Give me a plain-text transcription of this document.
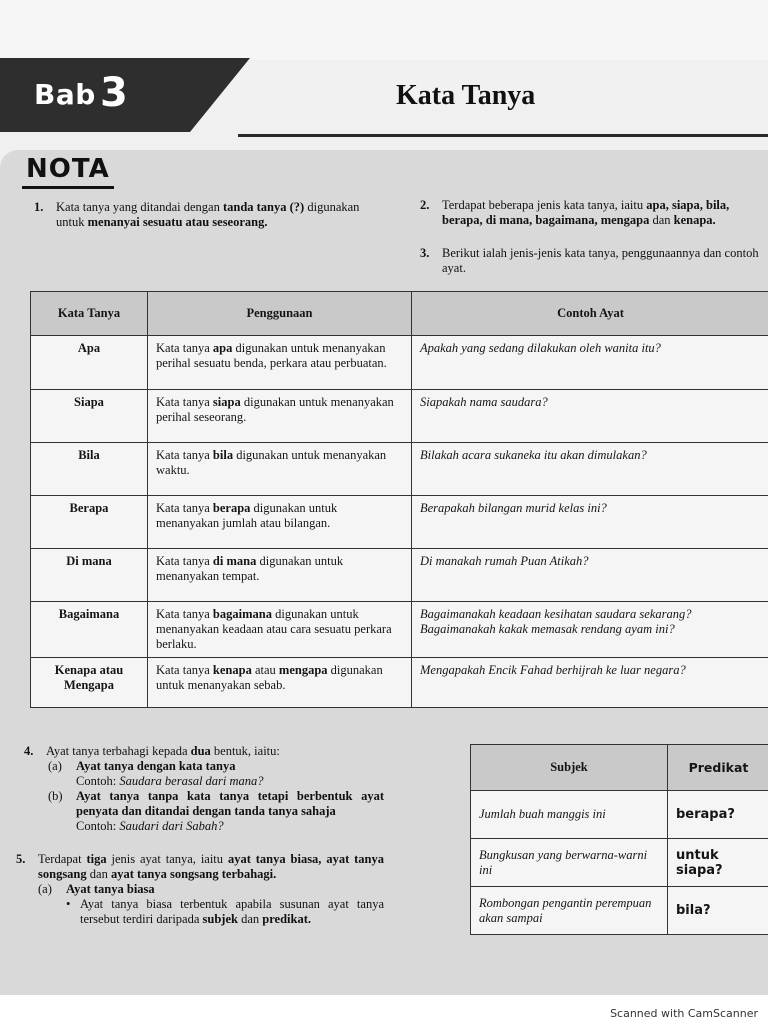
Bab 3	Kata Tanya
NOTA
1. Kata tanya yang ditandai dengan tanda tanya (?) digunakan untuk menanyai sesuatu atau seseorang.
2. Terdapat beberapa jenis kata tanya, iaitu apa, siapa, bila, berapa, di mana, bagaimana, mengapa dan kenapa.
3. Berikut ialah jenis-jenis kata tanya, penggunaannya dan contoh ayat.
Kata Tanya	Penggunaan	Contoh Ayat
Apa	Kata tanya apa digunakan untuk menanyakan perihal sesuatu benda, perkara atau perbuatan.	Apakah yang sedang dilakukan oleh wanita itu?
Siapa	Kata tanya siapa digunakan untuk menanyakan perihal seseorang.	Siapakah nama saudara?
Bila	Kata tanya bila digunakan untuk menanyakan waktu.	Bilakah acara sukaneka itu akan dimulakan?
Berapa	Kata tanya berapa digunakan untuk menanyakan jumlah atau bilangan.	Berapakah bilangan murid kelas ini?
Di mana	Kata tanya di mana digunakan untuk menanyakan tempat.	Di manakah rumah Puan Atikah?
Bagaimana	Kata tanya bagaimana digunakan untuk menanyakan keadaan atau cara sesuatu perkara berlaku.	Bagaimanakah keadaan kesihatan saudara sekarang?
Bagaimanakah kakak memasak rendang ayam ini?

Kenapa atau Mengapa	Kata tanya kenapa atau mengapa digunakan untuk menanyakan sebab.	Mengapakah Encik Fahad berhijrah ke luar negara?
4. Ayat tanya terbahagi kepada dua bentuk, iaitu:
(a) Ayat tanya dengan kata tanya
Contoh: Saudara berasal dari mana?
(b) Ayat tanya tanpa kata tanya tetapi berbentuk ayat penyata dan ditandai dengan tanda tanya sahaja
Contoh: Saudari dari Sabah?
5. Terdapat tiga jenis ayat tanya, iaitu ayat tanya biasa, ayat tanya songsang dan ayat tanya songsang terbahagi.
(a) Ayat tanya biasa
• Ayat tanya biasa terbentuk apabila susunan ayat tanya tersebut terdiri daripada subjek dan predikat.
Subjek	Predikat
Jumlah buah manggis ini	berapa?
Bungkusan yang berwarna-warni ini	untuk siapa?
Rombongan pengantin perempuan akan sampai	bila?
Scanned with CamScanner
